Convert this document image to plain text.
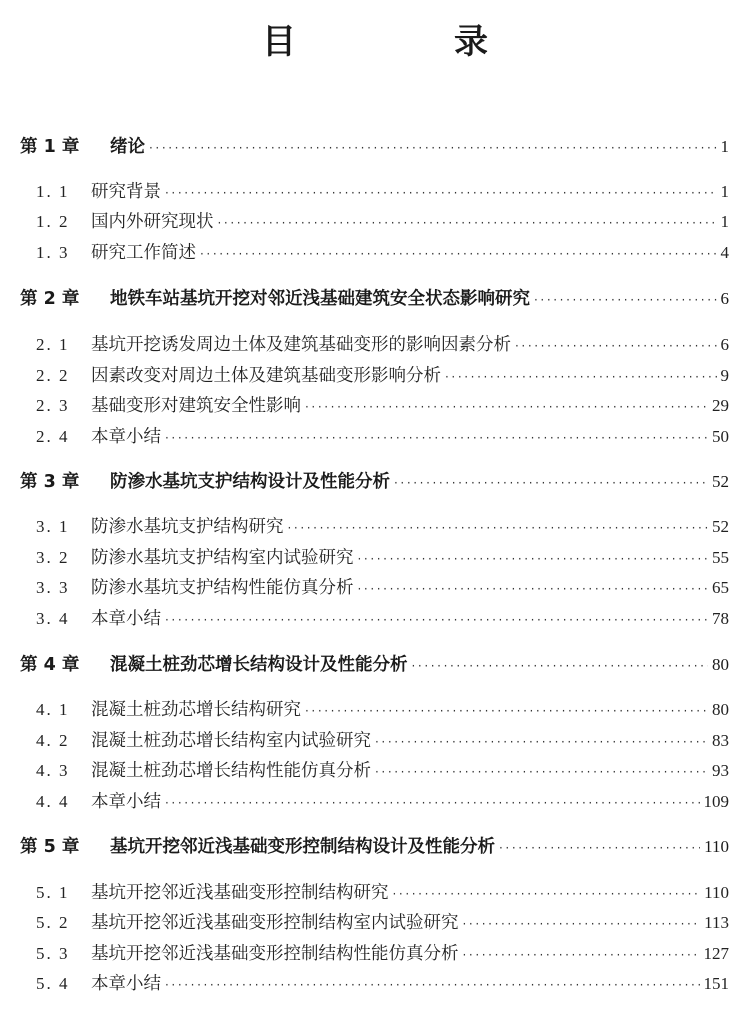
目　录
第 1 章	绪论 ·····	1
1. 1	研究背景 ·····	1
1. 2	国内外研究现状 ·····	1
1. 3	研究工作简述 ·····	4
第 2 章	地铁车站基坑开挖对邻近浅基础建筑安全状态影响研究 ·····	6
2. 1	基坑开挖诱发周边土体及建筑基础变形的影响因素分析 ·····	6
2. 2	因素改变对周边土体及建筑基础变形影响分析 ·····	9
2. 3	基础变形对建筑安全性影响 ·····	29
2. 4	本章小结 ·····	50
第 3 章	防渗水基坑支护结构设计及性能分析 ·····	52
3. 1	防渗水基坑支护结构研究 ·····	52
3. 2	防渗水基坑支护结构室内试验研究 ·····	55
3. 3	防渗水基坑支护结构性能仿真分析 ·····	65
3. 4	本章小结 ·····	78
第 4 章	混凝土桩劲芯增长结构设计及性能分析 ·····	80
4. 1	混凝土桩劲芯增长结构研究 ·····	80
4. 2	混凝土桩劲芯增长结构室内试验研究 ·····	83
4. 3	混凝土桩劲芯增长结构性能仿真分析 ·····	93
4. 4	本章小结 ·····	109
第 5 章	基坑开挖邻近浅基础变形控制结构设计及性能分析 ·····	110
5. 1	基坑开挖邻近浅基础变形控制结构研究 ·····	110
5. 2	基坑开挖邻近浅基础变形控制结构室内试验研究 ·····	113
5. 3	基坑开挖邻近浅基础变形控制结构性能仿真分析 ·····	127
5. 4	本章小结 ·····	151
